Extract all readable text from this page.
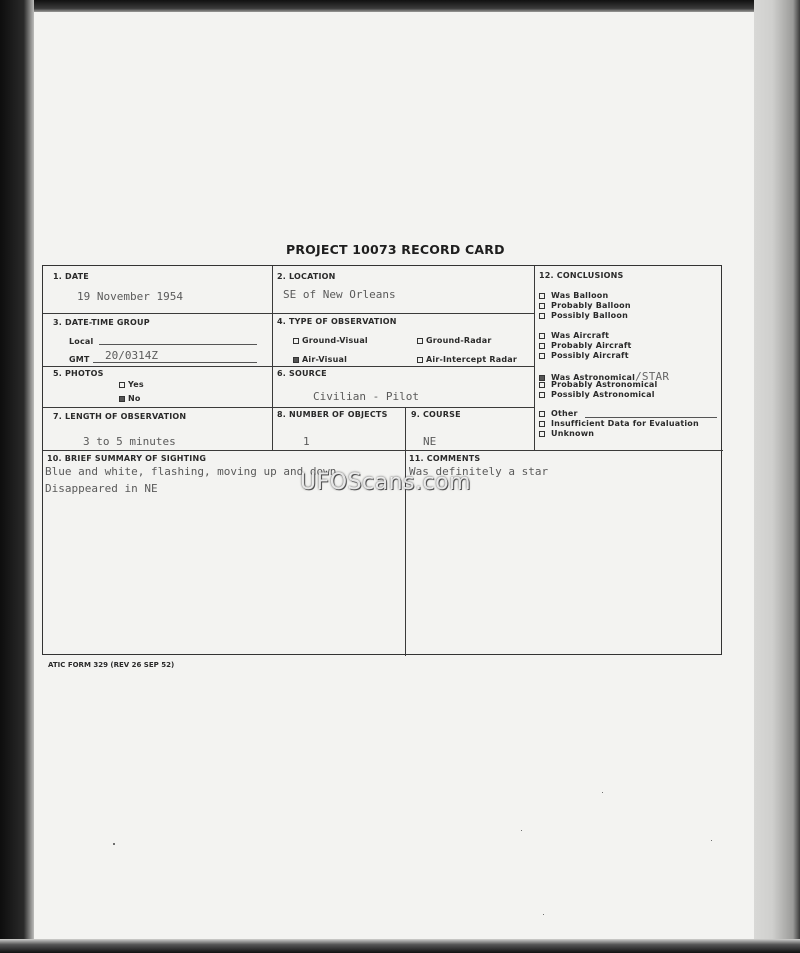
PROJECT 10073 RECORD CARD
1. DATE
19 November 1954
2. LOCATION
SE of New Orleans
3. DATE-TIME GROUP
Local
GMT 20/0314Z
4. TYPE OF OBSERVATION
Ground-Visual	Ground-Radar
Air-Visual	Air-Intercept Radar
5. PHOTOS
Yes
No
6. SOURCE
Civilian - Pilot
7. LENGTH OF OBSERVATION
3 to 5 minutes
8. NUMBER OF OBJECTS
1
9. COURSE
NE
10. BRIEF SUMMARY OF SIGHTING
Blue and white, flashing, moving up and down.
Disappeared in NE
11. COMMENTS
Was definitely a star
12. CONCLUSIONS
Was Balloon
Probably Balloon
Possibly Balloon
Was Aircraft
Probably Aircraft
Possibly Aircraft
Was Astronomical/STAR
Probably Astronomical
Possibly Astronomical
Other
Insufficient Data for Evaluation
Unknown
ATIC FORM 329 (REV 26 SEP 52)
UFOScans.com
